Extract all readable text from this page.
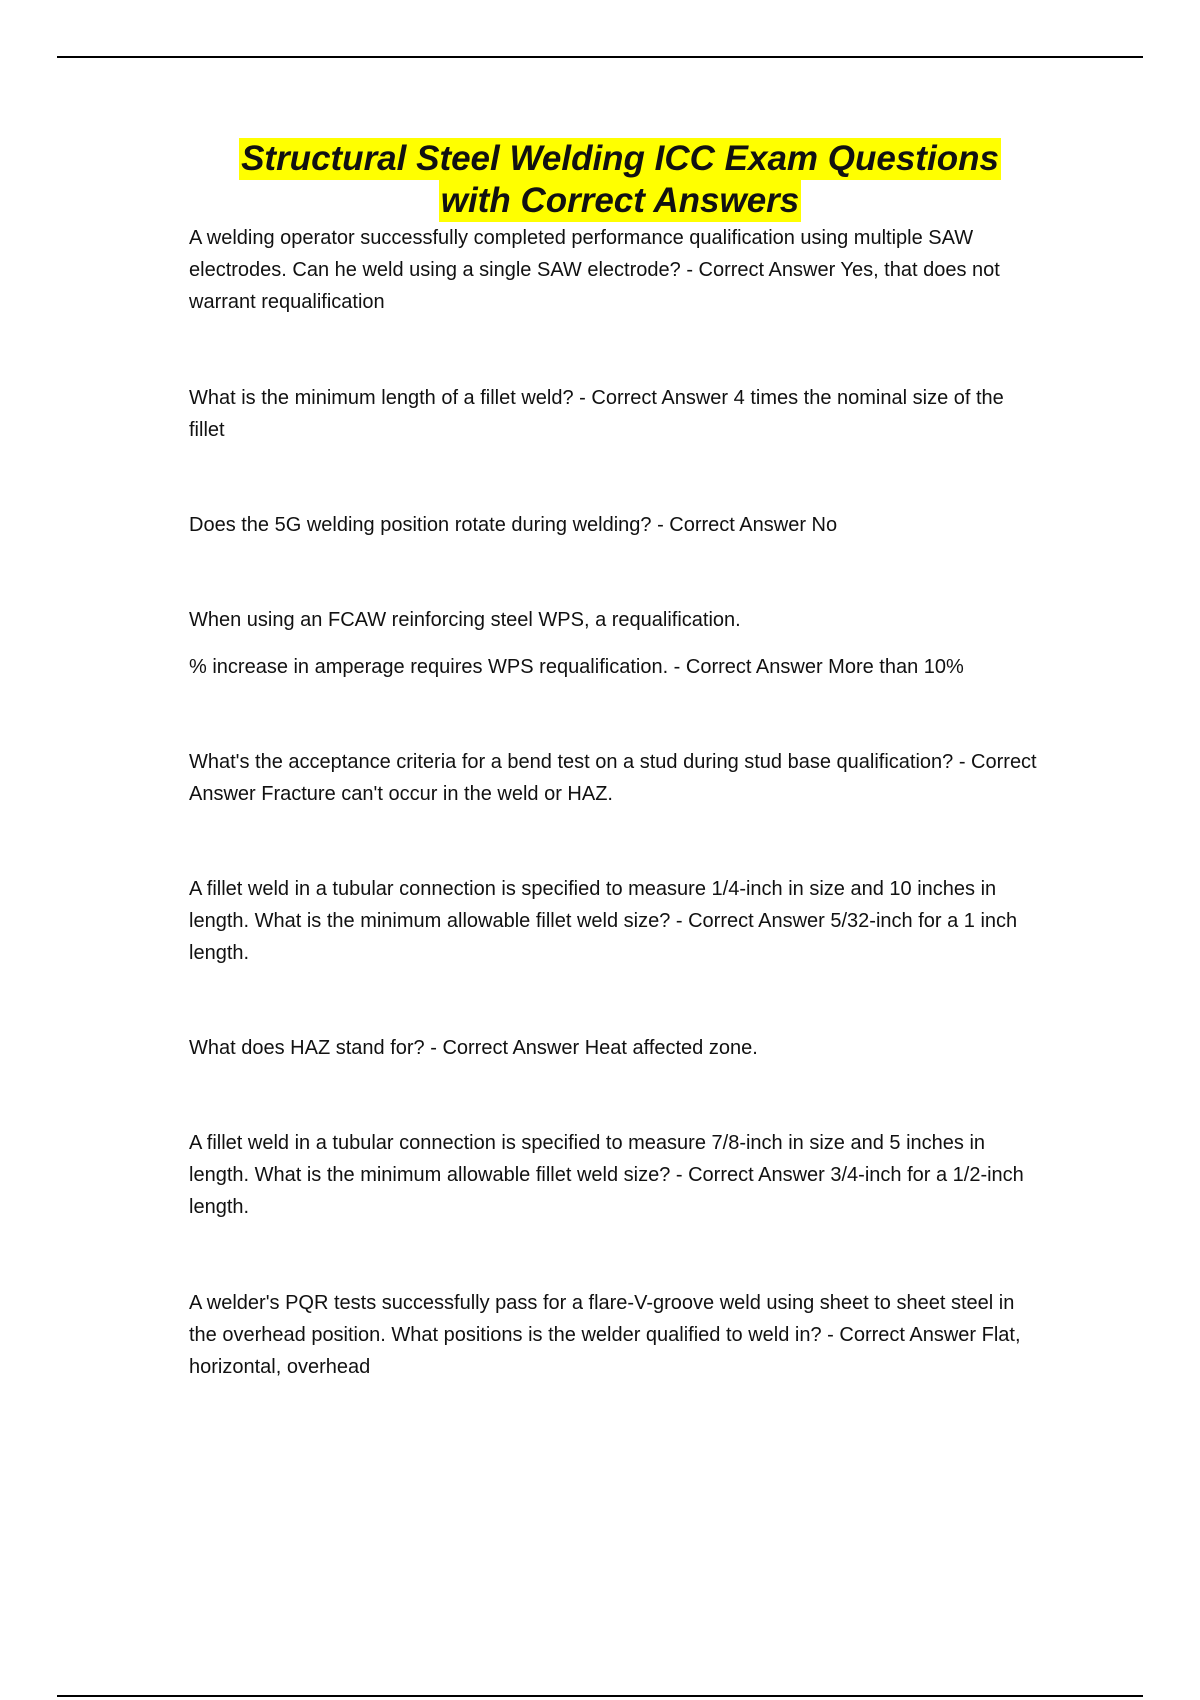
Structural Steel Welding ICC Exam Questions
with Correct Answers

A welding operator successfully completed performance qualification using multiple SAW electrodes. Can he weld using a single SAW electrode? - Correct Answer Yes, that does not warrant requalification

What is the minimum length of a fillet weld? - Correct Answer 4 times the nominal size of the fillet

Does the 5G welding position rotate during welding? - Correct Answer No

When using an FCAW reinforcing steel WPS, a requalification.

% increase in amperage requires WPS requalification. - Correct Answer More than 10%

What's the acceptance criteria for a bend test on a stud during stud base qualification? - Correct Answer Fracture can't occur in the weld or HAZ.

A fillet weld in a tubular connection is specified to measure 1/4-inch in size and 10 inches in length. What is the minimum allowable fillet weld size? - Correct Answer 5/32-inch for a 1 inch length.

What does HAZ stand for? - Correct Answer Heat affected zone.

A fillet weld in a tubular connection is specified to measure 7/8-inch in size and 5 inches in length. What is the minimum allowable fillet weld size? - Correct Answer 3/4-inch for a 1/2-inch length.

A welder's PQR tests successfully pass for a flare-V-groove weld using sheet to sheet steel in the overhead position. What positions is the welder qualified to weld in? - Correct Answer Flat, horizontal, overhead
